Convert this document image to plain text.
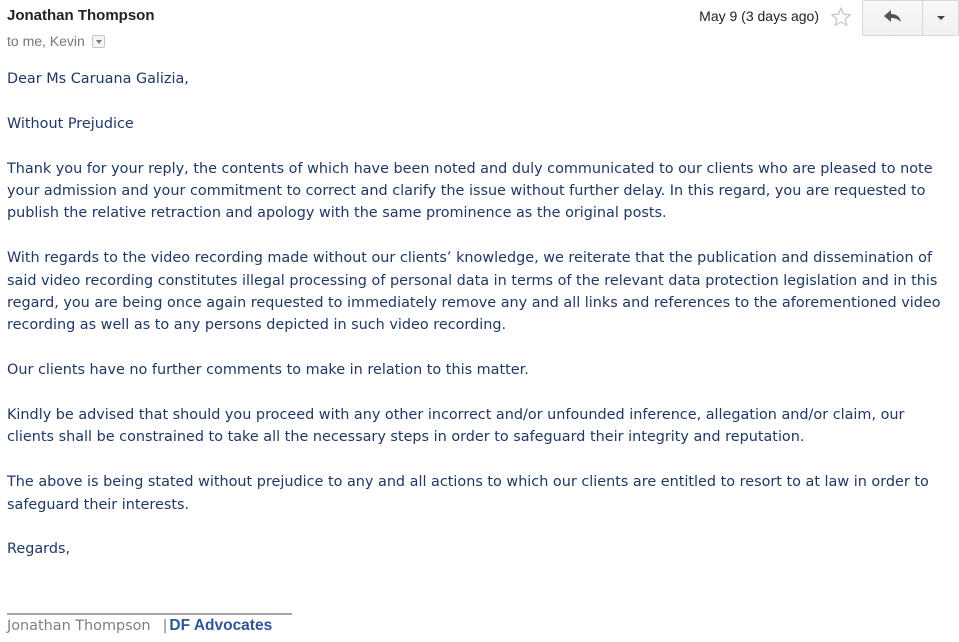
Jonathan Thompson
to me, Kevin
May 9 (3 days ago)

Dear Ms Caruana Galizia,

Without Prejudice

Thank you for your reply, the contents of which have been noted and duly communicated to our clients who are pleased to note your admission and your commitment to correct and clarify the issue without further delay. In this regard, you are requested to publish the relative retraction and apology with the same prominence as the original posts.

With regards to the video recording made without our clients’ knowledge, we reiterate that the publication and dissemination of said video recording constitutes illegal processing of personal data in terms of the relevant data protection legislation and in this regard, you are being once again requested to immediately remove any and all links and references to the aforementioned video recording as well as to any persons depicted in such video recording.

Our clients have no further comments to make in relation to this matter.

Kindly be advised that should you proceed with any other incorrect and/or unfounded inference, allegation and/or claim, our clients shall be constrained to take all the necessary steps in order to safeguard their integrity and reputation.

The above is being stated without prejudice to any and all actions to which our clients are entitled to resort to at law in order to safeguard their interests.

Regards,

Jonathan Thompson | DF Advocates
